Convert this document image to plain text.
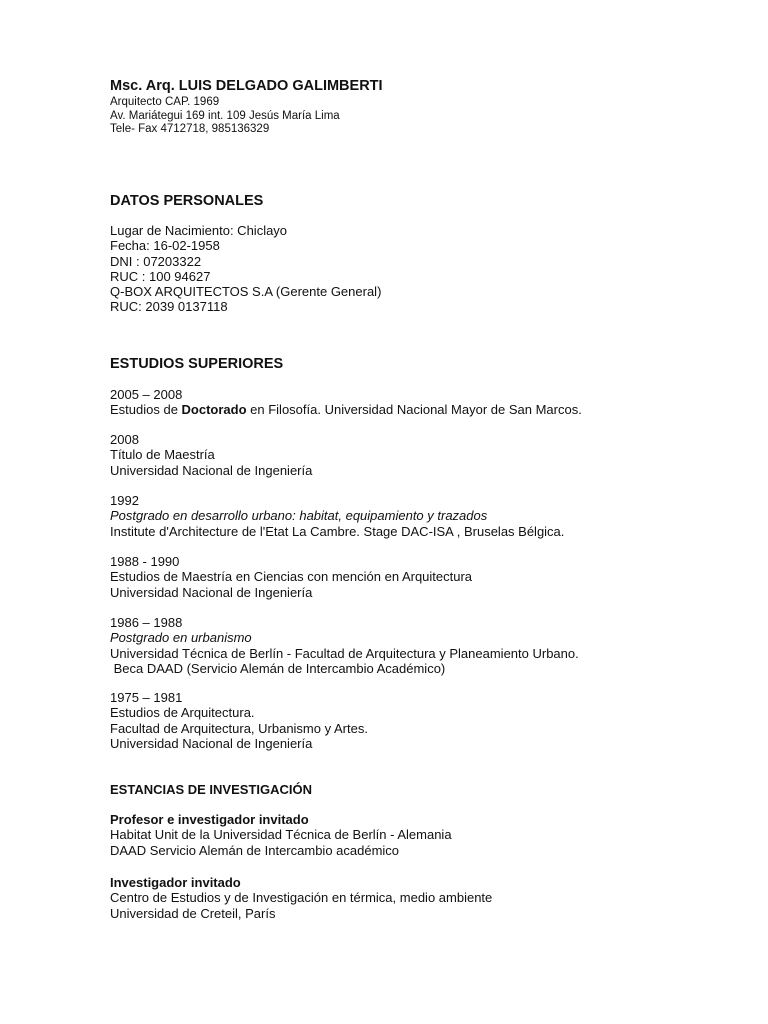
Msc. Arq. LUIS DELGADO GALIMBERTI
Arquitecto CAP. 1969
Av. Mariátegui 169 int. 109 Jesús María Lima
Tele- Fax 4712718, 985136329
DATOS PERSONALES
Lugar de Nacimiento: Chiclayo
Fecha: 16-02-1958
DNI : 07203322
RUC : 100 94627
Q-BOX ARQUITECTOS S.A (Gerente General)
RUC: 2039 0137118
ESTUDIOS SUPERIORES
2005 – 2008
Estudios de Doctorado en Filosofía. Universidad Nacional Mayor de San Marcos.
2008
Título de Maestría
Universidad Nacional de Ingeniería
1992
Postgrado en desarrollo urbano: habitat, equipamiento y trazados
Institute d'Architecture de l'Etat La Cambre. Stage DAC-ISA , Bruselas Bélgica.
1988 - 1990
Estudios de Maestría en Ciencias con mención en Arquitectura
Universidad Nacional de Ingeniería
1986 – 1988
Postgrado en urbanismo
Universidad Técnica de Berlín - Facultad de Arquitectura y Planeamiento Urbano.
Beca DAAD (Servicio Alemán de Intercambio Académico)
1975 – 1981
Estudios de Arquitectura.
Facultad de Arquitectura, Urbanismo y Artes.
Universidad Nacional de Ingeniería
ESTANCIAS DE INVESTIGACIÓN
Profesor e investigador invitado
Habitat Unit de la Universidad Técnica de Berlín - Alemania
DAAD Servicio Alemán de Intercambio académico
Investigador invitado
Centro de Estudios y de Investigación en térmica, medio ambiente
Universidad de Creteil, París
